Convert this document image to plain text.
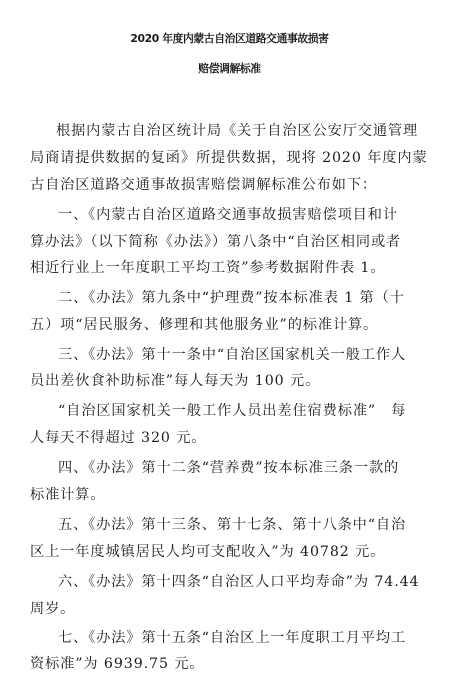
2020 年度内蒙古自治区道路交通事故损害
赔偿调解标准
根据内蒙古自治区统计局《关于自治区公安厅交通管理
局商请提供数据的复函》所提供数据，现将 2020 年度内蒙
古自治区道路交通事故损害赔偿调解标准公布如下：
一、《内蒙古自治区道路交通事故损害赔偿项目和计
算办法》（以下简称《办法》）第八条中“自治区相同或者
相近行业上一年度职工平均工资”参考数据附件表 1。
二、《办法》第九条中“护理费”按本标准表 1 第（十
五）项“居民服务、修理和其他服务业”的标准计算。
三、《办法》第十一条中“自治区国家机关一般工作人
员出差伙食补助标准”每人每天为 100 元。
“自治区国家机关一般工作人员出差住宿费标准”　每
人每天不得超过 320 元。
四、《办法》第十二条“营养费”按本标准三条一款的
标准计算。
五、《办法》第十三条、第十七条、第十八条中“自治
区上一年度城镇居民人均可支配收入”为 40782 元。
六、《办法》第十四条“自治区人口平均寿命”为 74.44
周岁。
七、《办法》第十五条“自治区上一年度职工月平均工
资标准”为 6939.75 元。
